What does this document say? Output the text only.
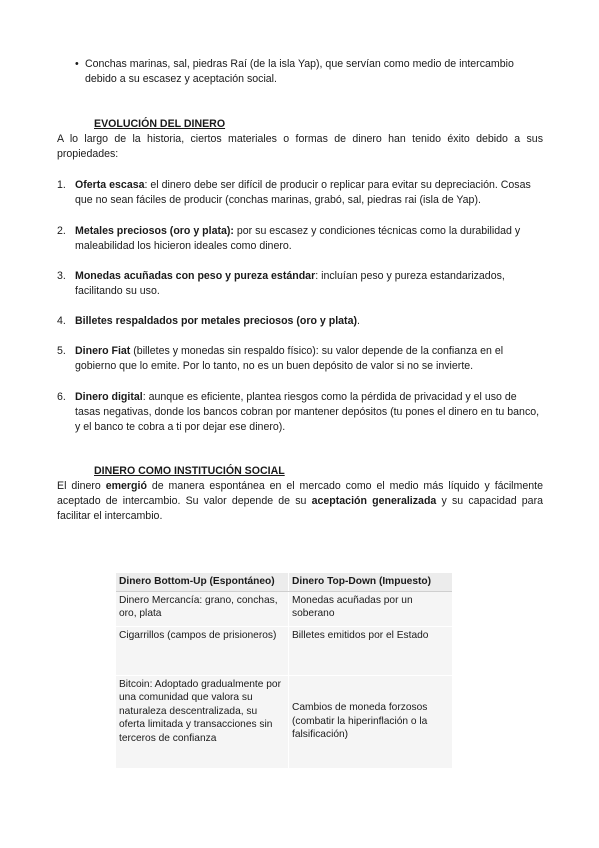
• Conchas marinas, sal, piedras Raí (de la isla Yap), que servían como medio de intercambio debido a su escasez y aceptación social.
EVOLUCIÓN DEL DINERO
A lo largo de la historia, ciertos materiales o formas de dinero han tenido éxito debido a sus propiedades:
1. Oferta escasa: el dinero debe ser difícil de producir o replicar para evitar su depreciación. Cosas que no sean fáciles de producir (conchas marinas, grabó, sal, piedras rai (isla de Yap).
2. Metales preciosos (oro y plata): por su escasez y condiciones técnicas como la durabilidad y maleabilidad los hicieron ideales como dinero.
3. Monedas acuñadas con peso y pureza estándar: incluían peso y pureza estandarizados, facilitando su uso.
4. Billetes respaldados por metales preciosos (oro y plata).
5. Dinero Fiat (billetes y monedas sin respaldo físico): su valor depende de la confianza en el gobierno que lo emite. Por lo tanto, no es un buen depósito de valor si no se invierte.
6. Dinero digital: aunque es eficiente, plantea riesgos como la pérdida de privacidad y el uso de tasas negativas, donde los bancos cobran por mantener depósitos (tu pones el dinero en tu banco, y el banco te cobra a ti por dejar ese dinero).
DINERO COMO INSTITUCIÓN SOCIAL
El dinero emergió de manera espontánea en el mercado como el medio más líquido y fácilmente aceptado de intercambio. Su valor depende de su aceptación generalizada y su capacidad para facilitar el intercambio.
Dinero Bottom-Up (Espontáneo)	Dinero Top-Down (Impuesto)
Dinero Mercancía: grano, conchas, oro, plata	Monedas acuñadas por un soberano
Cigarrillos (campos de prisioneros)	Billetes emitidos por el Estado
Bitcoin: Adoptado gradualmente por una comunidad que valora su naturaleza descentralizada, su oferta limitada y transacciones sin terceros de confianza	Cambios de moneda forzosos (combatir la hiperinflación o la falsificación)
